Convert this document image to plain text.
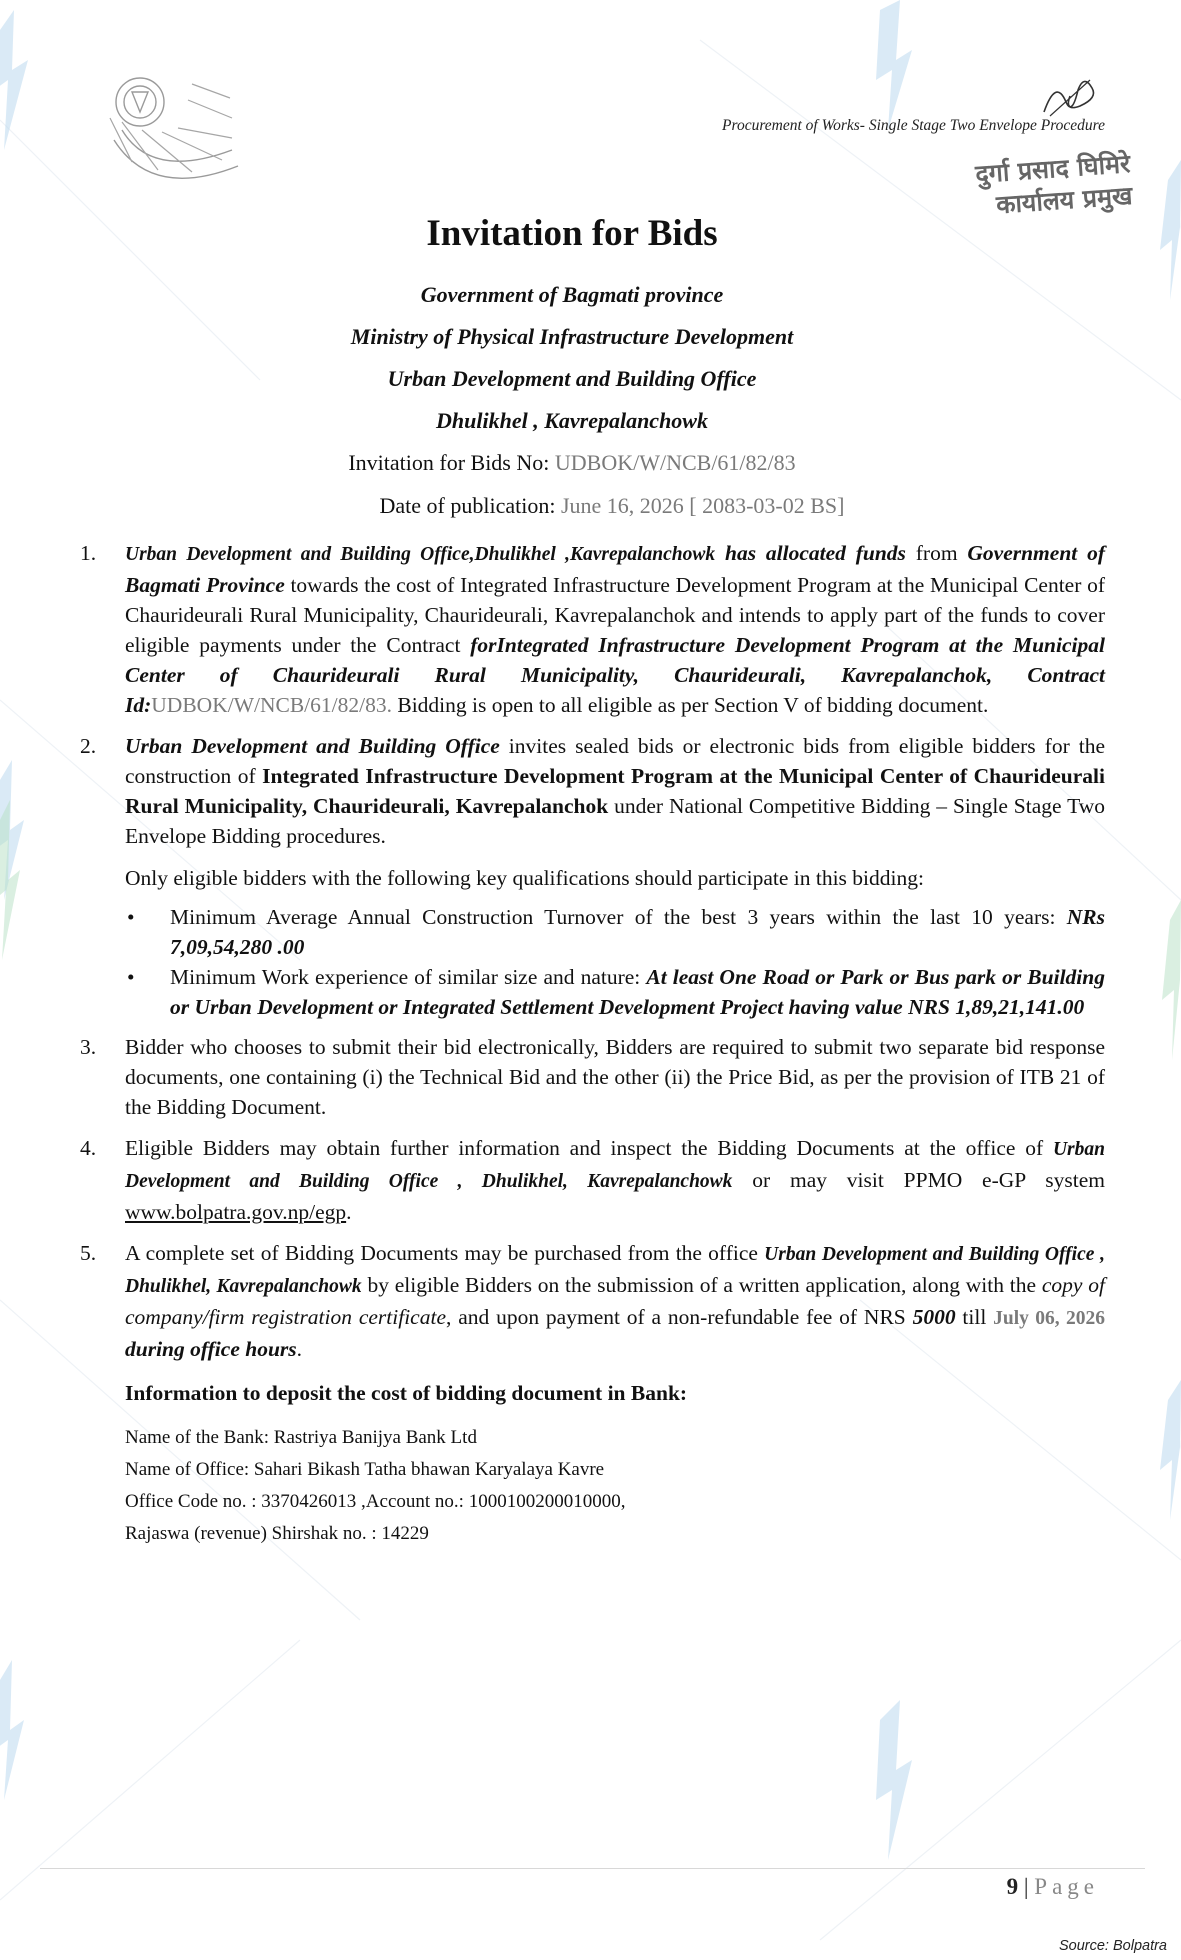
Procurement of Works- Single Stage Two Envelope Procedure
दुर्गा प्रसाद घिमिरे
कार्यालय प्रमुख
Invitation for Bids
Government of Bagmati province
Ministry of Physical Infrastructure Development
Urban Development and Building Office
Dhulikhel , Kavrepalanchowk
Invitation for Bids No: UDBOK/W/NCB/61/82/83
Date of publication: June 16, 2026 [ 2083-03-02 BS]
1.	Urban Development and Building Office,Dhulikhel ,Kavrepalanchowk has allocated funds from Government of Bagmati Province towards the cost of Integrated Infrastructure Development Program at the Municipal Center of Chaurideurali Rural Municipality, Chaurideurali, Kavrepalanchok and intends to apply part of the funds to cover eligible payments under the Contract forIntegrated Infrastructure Development Program at the Municipal Center of Chaurideurali Rural Municipality, Chaurideurali, Kavrepalanchok, Contract Id:UDBOK/W/NCB/61/82/83. Bidding is open to all eligible as per Section V of bidding document.
2.	Urban Development and Building Office invites sealed bids or electronic bids from eligible bidders for the construction of Integrated Infrastructure Development Program at the Municipal Center of Chaurideurali Rural Municipality, Chaurideurali, Kavrepalanchok under National Competitive Bidding – Single Stage Two Envelope Bidding procedures.
Only eligible bidders with the following key qualifications should participate in this bidding:
•	Minimum Average Annual Construction Turnover of the best 3 years within the last 10 years: NRs 7,09,54,280 .00
•	Minimum Work experience of similar size and nature: At least One Road or Park or Bus park or Building or Urban Development or Integrated Settlement Development Project having value NRS 1,89,21,141.00
3.	Bidder who chooses to submit their bid electronically, Bidders are required to submit two separate bid response documents, one containing (i) the Technical Bid and the other (ii) the Price Bid, as per the provision of ITB 21 of the Bidding Document.
4.	Eligible Bidders may obtain further information and inspect the Bidding Documents at the office of Urban Development and Building Office , Dhulikhel, Kavrepalanchowk or may visit PPMO e-GP system www.bolpatra.gov.np/egp.
5.	A complete set of Bidding Documents may be purchased from the office Urban Development and Building Office , Dhulikhel, Kavrepalanchowk by eligible Bidders on the submission of a written application, along with the copy of company/firm registration certificate, and upon payment of a non-refundable fee of NRS 5000 till July 06, 2026 during office hours.
Information to deposit the cost of bidding document in Bank:
Name of the Bank: Rastriya Banijya Bank Ltd
Name of Office: Sahari Bikash Tatha bhawan Karyalaya Kavre
Office Code no. : 3370426013 ,Account no.: 1000100200010000,
Rajaswa (revenue) Shirshak no. : 14229
9 | Page
Source: Bolpatra
